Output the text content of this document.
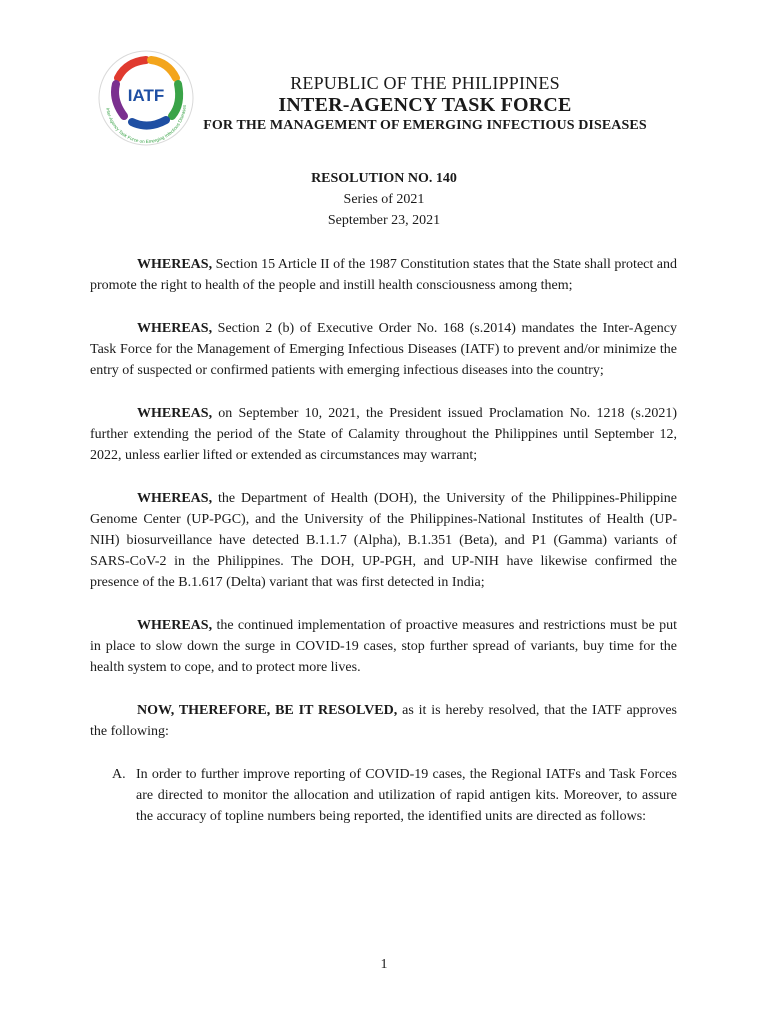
IATF
Inter-Agency Task Force on Emerging Infectious Diseases
REPUBLIC OF THE PHILIPPINES
INTER-AGENCY TASK FORCE
FOR THE MANAGEMENT OF EMERGING INFECTIOUS DISEASES
RESOLUTION NO. 140
Series of 2021
September 23, 2021

WHEREAS, Section 15 Article II of the 1987 Constitution states that the State shall protect and promote the right to health of the people and instill health consciousness among them;

WHEREAS, Section 2 (b) of Executive Order No. 168 (s.2014) mandates the Inter-Agency Task Force for the Management of Emerging Infectious Diseases (IATF) to prevent and/or minimize the entry of suspected or confirmed patients with emerging infectious diseases into the country;

WHEREAS, on September 10, 2021, the President issued Proclamation No. 1218 (s.2021) further extending the period of the State of Calamity throughout the Philippines until September 12, 2022, unless earlier lifted or extended as circumstances may warrant;

WHEREAS, the Department of Health (DOH), the University of the Philippines-Philippine Genome Center (UP-PGC), and the University of the Philippines-National Institutes of Health (UP-NIH) biosurveillance have detected B.1.1.7 (Alpha), B.1.351 (Beta), and P1 (Gamma) variants of SARS-CoV-2 in the Philippines. The DOH, UP-PGH, and UP-NIH have likewise confirmed the presence of the B.1.617 (Delta) variant that was first detected in India;

WHEREAS, the continued implementation of proactive measures and restrictions must be put in place to slow down the surge in COVID-19 cases, stop further spread of variants, buy time for the health system to cope, and to protect more lives.

NOW, THEREFORE, BE IT RESOLVED, as it is hereby resolved, that the IATF approves the following:

A. In order to further improve reporting of COVID-19 cases, the Regional IATFs and Task Forces are directed to monitor the allocation and utilization of rapid antigen kits. Moreover, to assure the accuracy of topline numbers being reported, the identified units are directed as follows:
1
